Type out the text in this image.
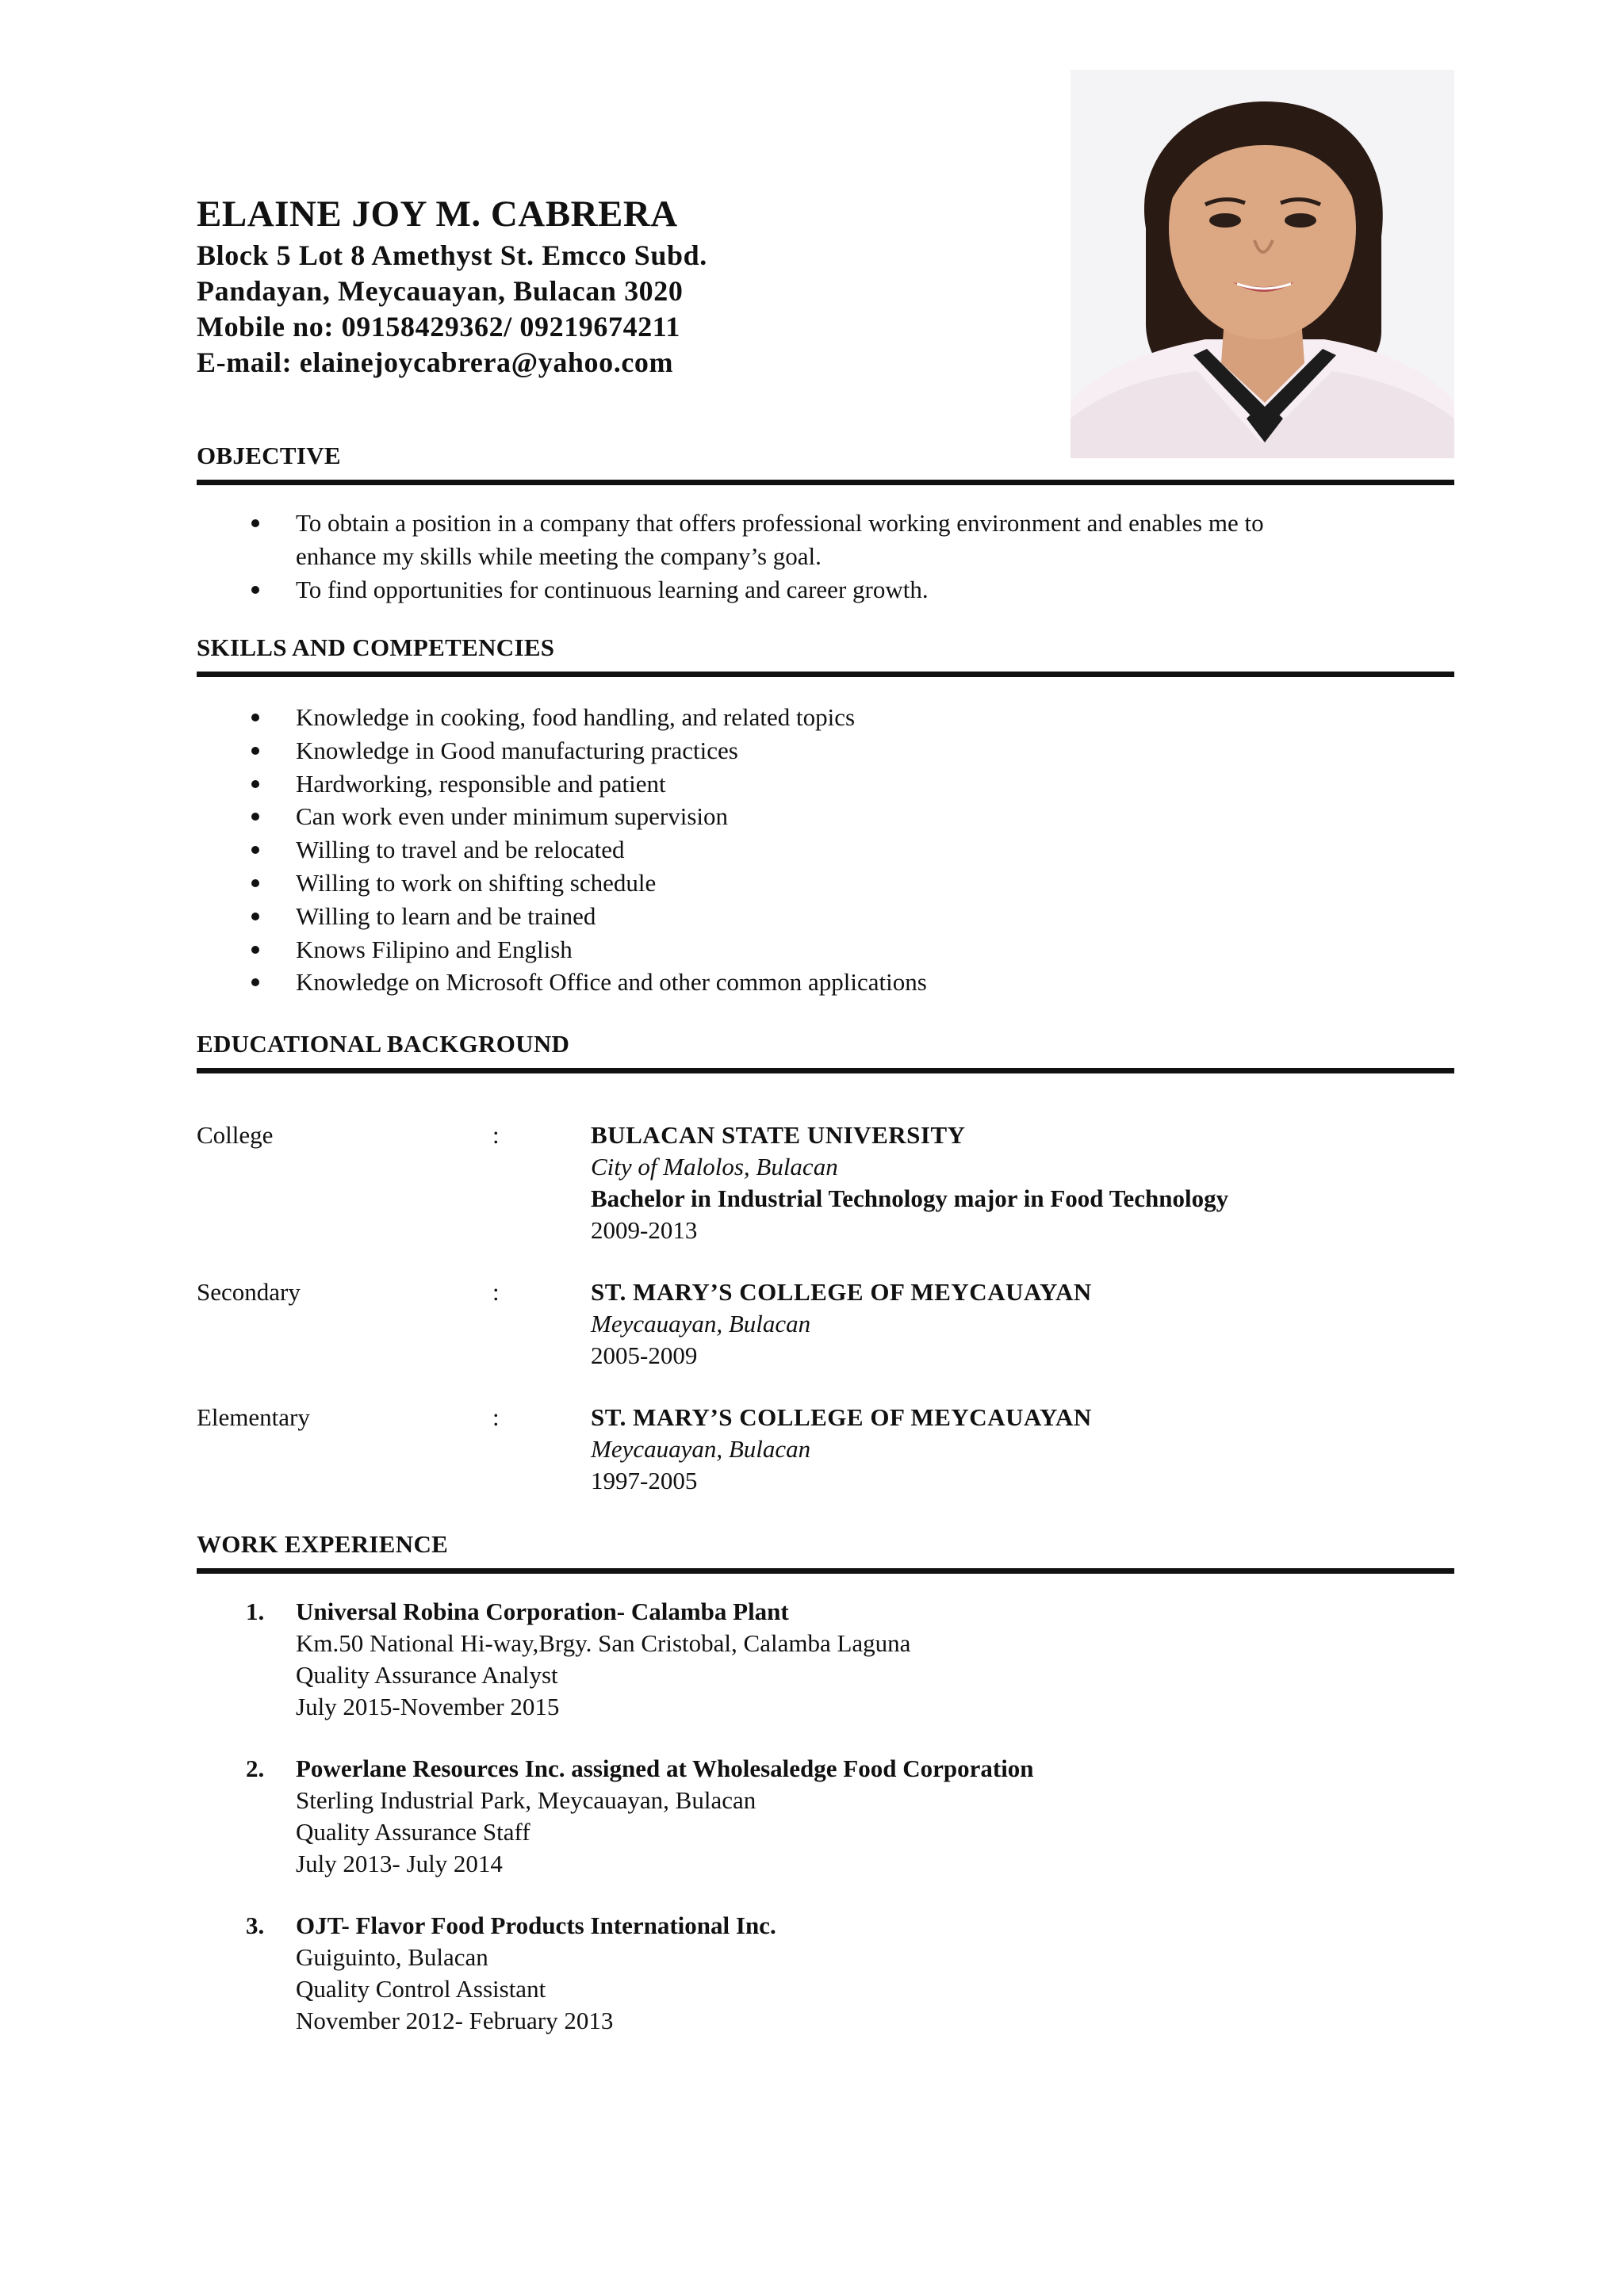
ELAINE JOY M. CABRERA
Block 5 Lot 8 Amethyst St. Emcco Subd.
Pandayan, Meycauayan, Bulacan 3020
Mobile no: 09158429362/ 09219674211
E-mail: elainejoycabrera@yahoo.com
OBJECTIVE
To obtain a position in a company that offers professional working environment and enables me to
enhance my skills while meeting the company’s goal.
To find opportunities for continuous learning and career growth.
SKILLS AND COMPETENCIES
Knowledge in cooking, food handling, and related topics
Knowledge in Good manufacturing practices
Hardworking, responsible and patient
Can work even under minimum supervision
Willing to travel and be relocated
Willing to work on shifting schedule
Willing to learn and be trained
Knows Filipino and English
Knowledge on Microsoft Office and other common applications
EDUCATIONAL BACKGROUND
College	:	BULACAN STATE UNIVERSITY
City of Malolos, Bulacan
Bachelor in Industrial Technology major in Food Technology
2009-2013
Secondary	:	ST. MARY’S COLLEGE OF MEYCAUAYAN
Meycauayan, Bulacan
2005-2009
Elementary	:	ST. MARY’S COLLEGE OF MEYCAUAYAN
Meycauayan, Bulacan
1997-2005
WORK EXPERIENCE
1. Universal Robina Corporation- Calamba Plant
Km.50 National Hi-way,Brgy. San Cristobal, Calamba Laguna
Quality Assurance Analyst
July 2015-November 2015
2. Powerlane Resources Inc. assigned at Wholesaledge Food Corporation
Sterling Industrial Park, Meycauayan, Bulacan
Quality Assurance Staff
July 2013- July 2014
3. OJT- Flavor Food Products International Inc.
Guiguinto, Bulacan
Quality Control Assistant
November 2012- February 2013
